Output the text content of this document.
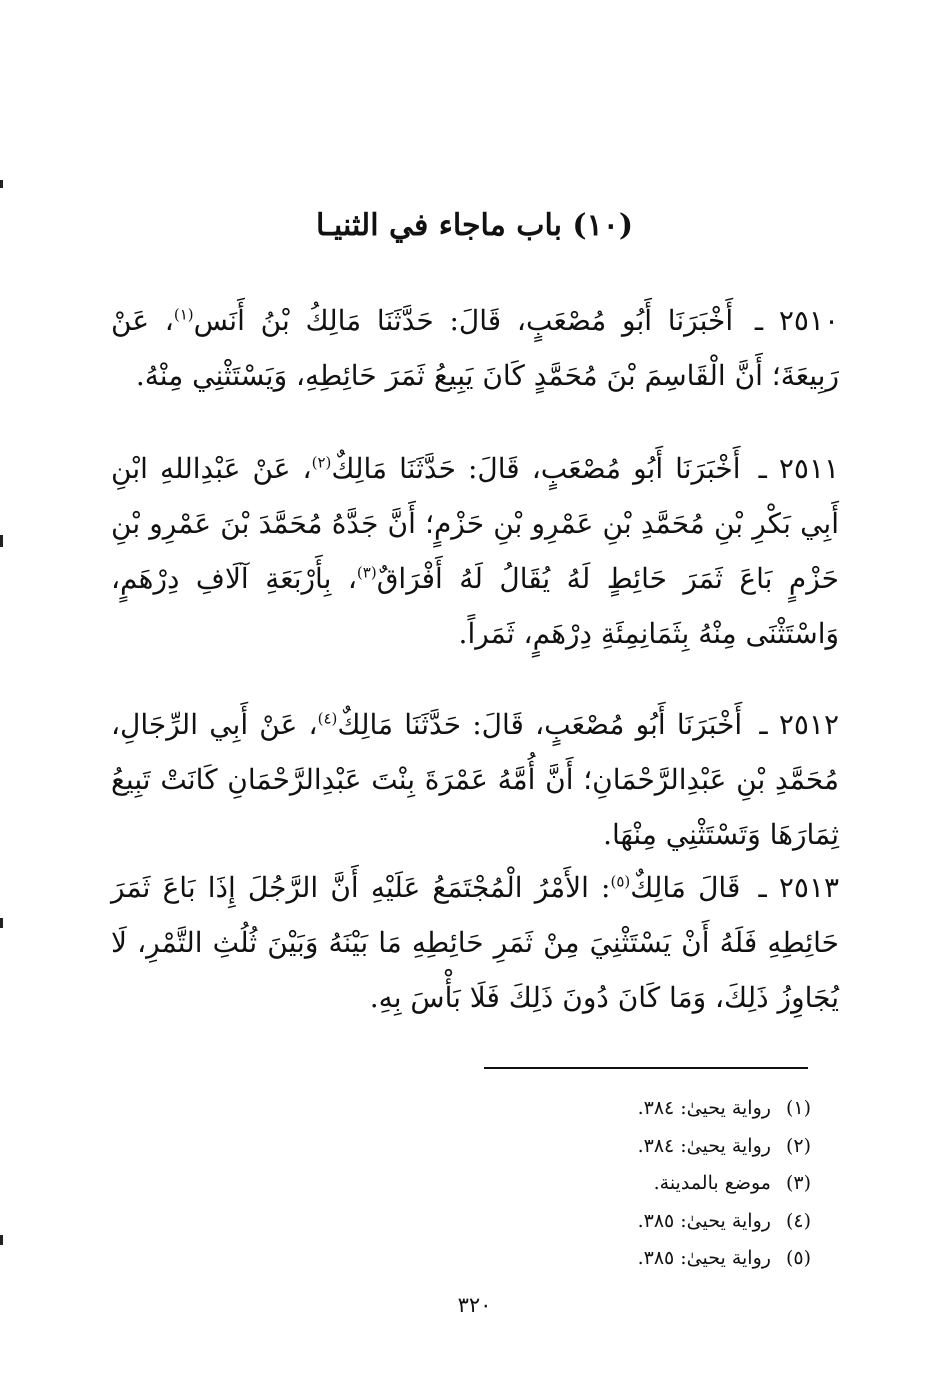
(١٠) باب ماجاء في الثنيـا

٢٥١٠ ـ أَخْبَرَنَا أَبُو مُصْعَبٍ، قَالَ: حَدَّثَنَا مَالِكُ بْنُ أَنَس$^{(١)}$، عَنْ رَبِيعَةَ؛ أَنَّ الْقَاسِمَ بْنَ مُحَمَّدٍ كَانَ يَبِيعُ ثَمَرَ حَائِطِهِ، وَيَسْتَثْنِي مِنْهُ.

٢٥١١ ـ أَخْبَرَنَا أَبُو مُصْعَبٍ، قَالَ: حَدَّثَنَا مَالِكٌ$^{(٢)}$، عَنْ عَبْدِاللهِ ابْنِ أَبِي بَكْرِ بْنِ مُحَمَّدِ بْنِ عَمْرِو بْنِ حَزْمٍ؛ أَنَّ جَدَّهُ مُحَمَّدَ بْنَ عَمْرِو بْنِ حَزْمٍ بَاعَ ثَمَرَ حَائِطٍ لَهُ يُقَالُ لَهُ أَفْرَاقٌ$^{(٣)}$، بِأَرْبَعَةِ آلَافِ دِرْهَمٍ، وَاسْتَثْنَى مِنْهُ بِثَمَانِمِئَةِ دِرْهَمٍ، ثَمَراً.

٢٥١٢ ـ أَخْبَرَنَا أَبُو مُصْعَبٍ، قَالَ: حَدَّثَنَا مَالِكٌ$^{(٤)}$، عَنْ أَبِي الرِّجَالِ، مُحَمَّدِ بْنِ عَبْدِالرَّحْمَانِ؛ أَنَّ أُمَّهُ عَمْرَةَ بِنْتَ عَبْدِالرَّحْمَانِ كَانَتْ تَبِيعُ ثِمَارَهَا وَتَسْتَثْنِي مِنْهَا.

٢٥١٣ ـ قَالَ مَالِكٌ$^{(٥)}$: الأَمْرُ الْمُجْتَمَعُ عَلَيْهِ أَنَّ الرَّجُلَ إِذَا بَاعَ ثَمَرَ حَائِطِهِ فَلَهُ أَنْ يَسْتَثْنِيَ مِنْ ثَمَرِ حَائِطِهِ مَا بَيْنَهُ وَبَيْنَ ثُلُثِ التَّمْرِ، لَا يُجَاوِزُ ذَلِكَ، وَمَا كَانَ دُونَ ذَلِكَ فَلَا بَأْسَ بِهِ.

(١) رواية يحيىٰ: ٣٨٤.
(٢) رواية يحيىٰ: ٣٨٤.
(٣) موضع بالمدينة.
(٤) رواية يحيىٰ: ٣٨٥.
(٥) رواية يحيىٰ: ٣٨٥.
٣٢٠
